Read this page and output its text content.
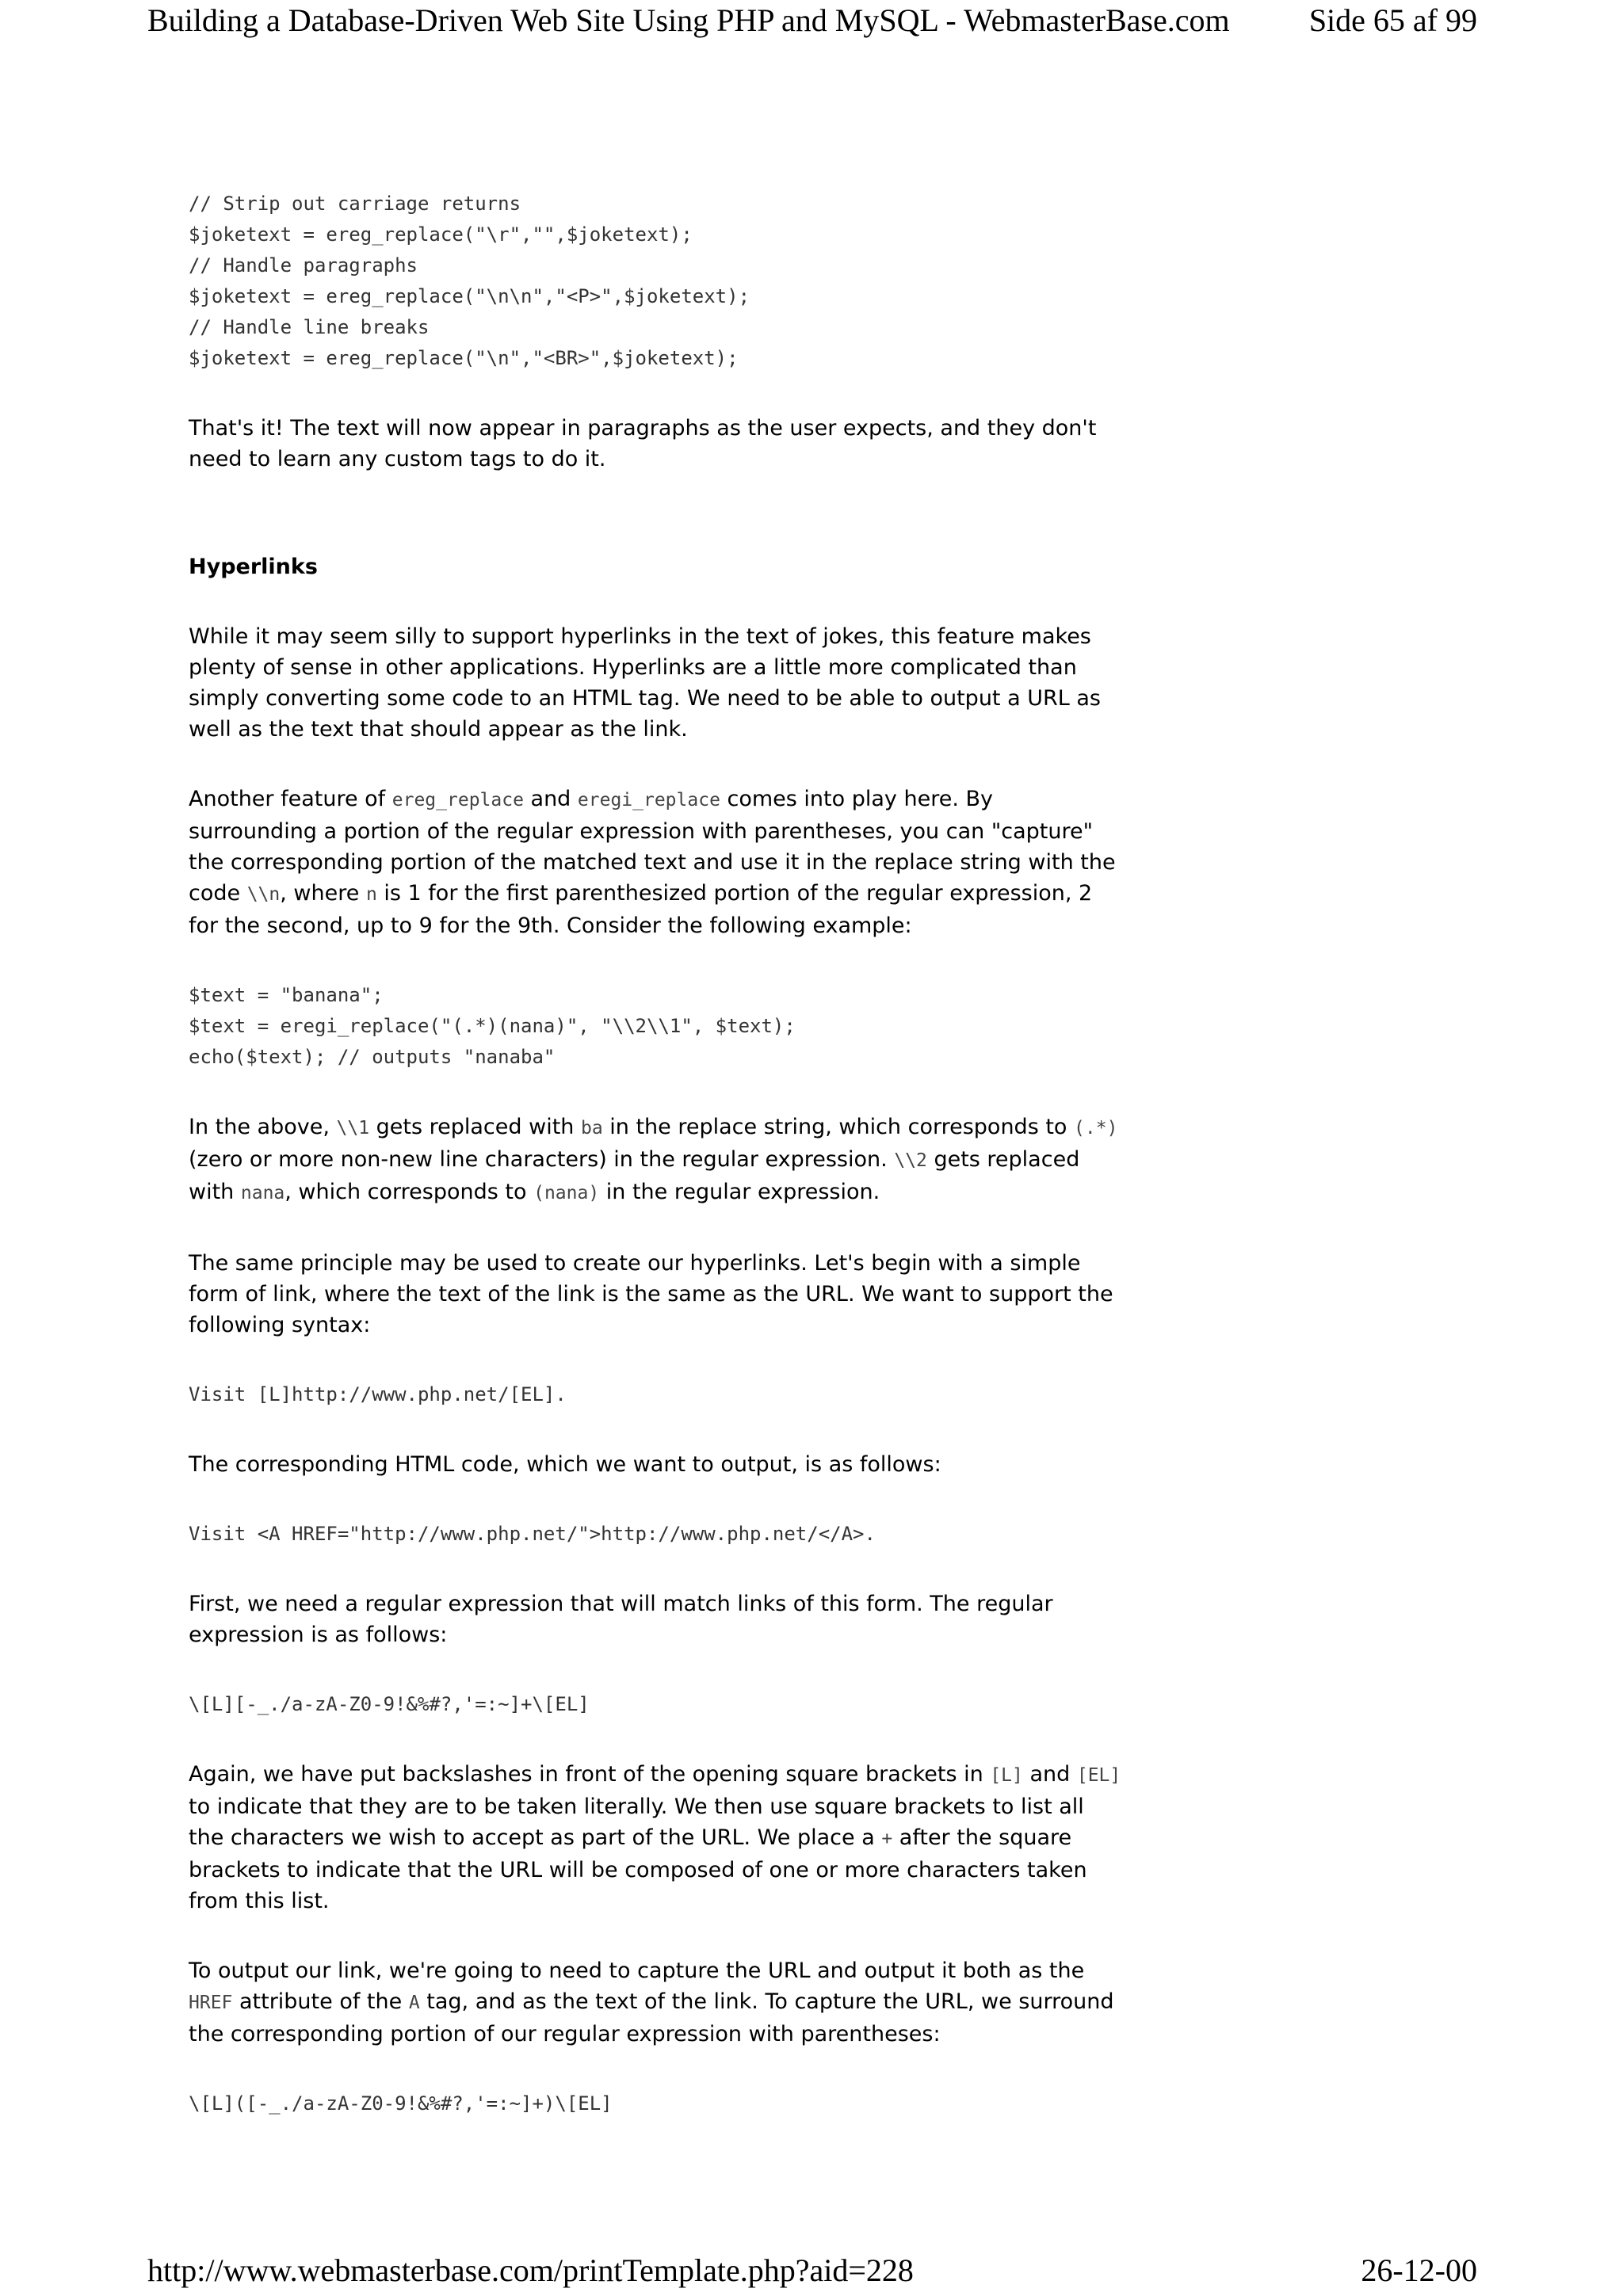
Building a Database-Driven Web Site Using PHP and MySQL - WebmasterBase.com	Side 65 af 99
// Strip out carriage returns
$joketext = ereg_replace("\r","",$joketext);
// Handle paragraphs
$joketext = ereg_replace("\n\n","<P>",$joketext);
// Handle line breaks
$joketext = ereg_replace("\n","<BR>",$joketext);

That's it! The text will now appear in paragraphs as the user expects, and they don't need to learn any custom tags to do it.

Hyperlinks

While it may seem silly to support hyperlinks in the text of jokes, this feature makes plenty of sense in other applications. Hyperlinks are a little more complicated than simply converting some code to an HTML tag. We need to be able to output a URL as well as the text that should appear as the link.

Another feature of ereg_replace and eregi_replace comes into play here. By surrounding a portion of the regular expression with parentheses, you can "capture" the corresponding portion of the matched text and use it in the replace string with the code \\n, where n is 1 for the first parenthesized portion of the regular expression, 2 for the second, up to 9 for the 9th. Consider the following example:

$text = "banana";
$text = eregi_replace("(.*)(nana)", "\\2\\1", $text);
echo($text); // outputs "nanaba"

In the above, \\1 gets replaced with ba in the replace string, which corresponds to (.*) (zero or more non-new line characters) in the regular expression. \\2 gets replaced with nana, which corresponds to (nana) in the regular expression.

The same principle may be used to create our hyperlinks. Let's begin with a simple form of link, where the text of the link is the same as the URL. We want to support the following syntax:

Visit [L]http://www.php.net/[EL].

The corresponding HTML code, which we want to output, is as follows:

Visit <A HREF="http://www.php.net/">http://www.php.net/</A>.

First, we need a regular expression that will match links of this form. The regular expression is as follows:

\[L][-_./a-zA-Z0-9!&%#?,'=:~]+\[EL]

Again, we have put backslashes in front of the opening square brackets in [L] and [EL] to indicate that they are to be taken literally. We then use square brackets to list all the characters we wish to accept as part of the URL. We place a + after the square brackets to indicate that the URL will be composed of one or more characters taken from this list.

To output our link, we're going to need to capture the URL and output it both as the HREF attribute of the A tag, and as the text of the link. To capture the URL, we surround the corresponding portion of our regular expression with parentheses:

\[L]([-_./a-zA-Z0-9!&%#?,'=:~]+)\[EL]
http://www.webmasterbase.com/printTemplate.php?aid=228	26-12-00
